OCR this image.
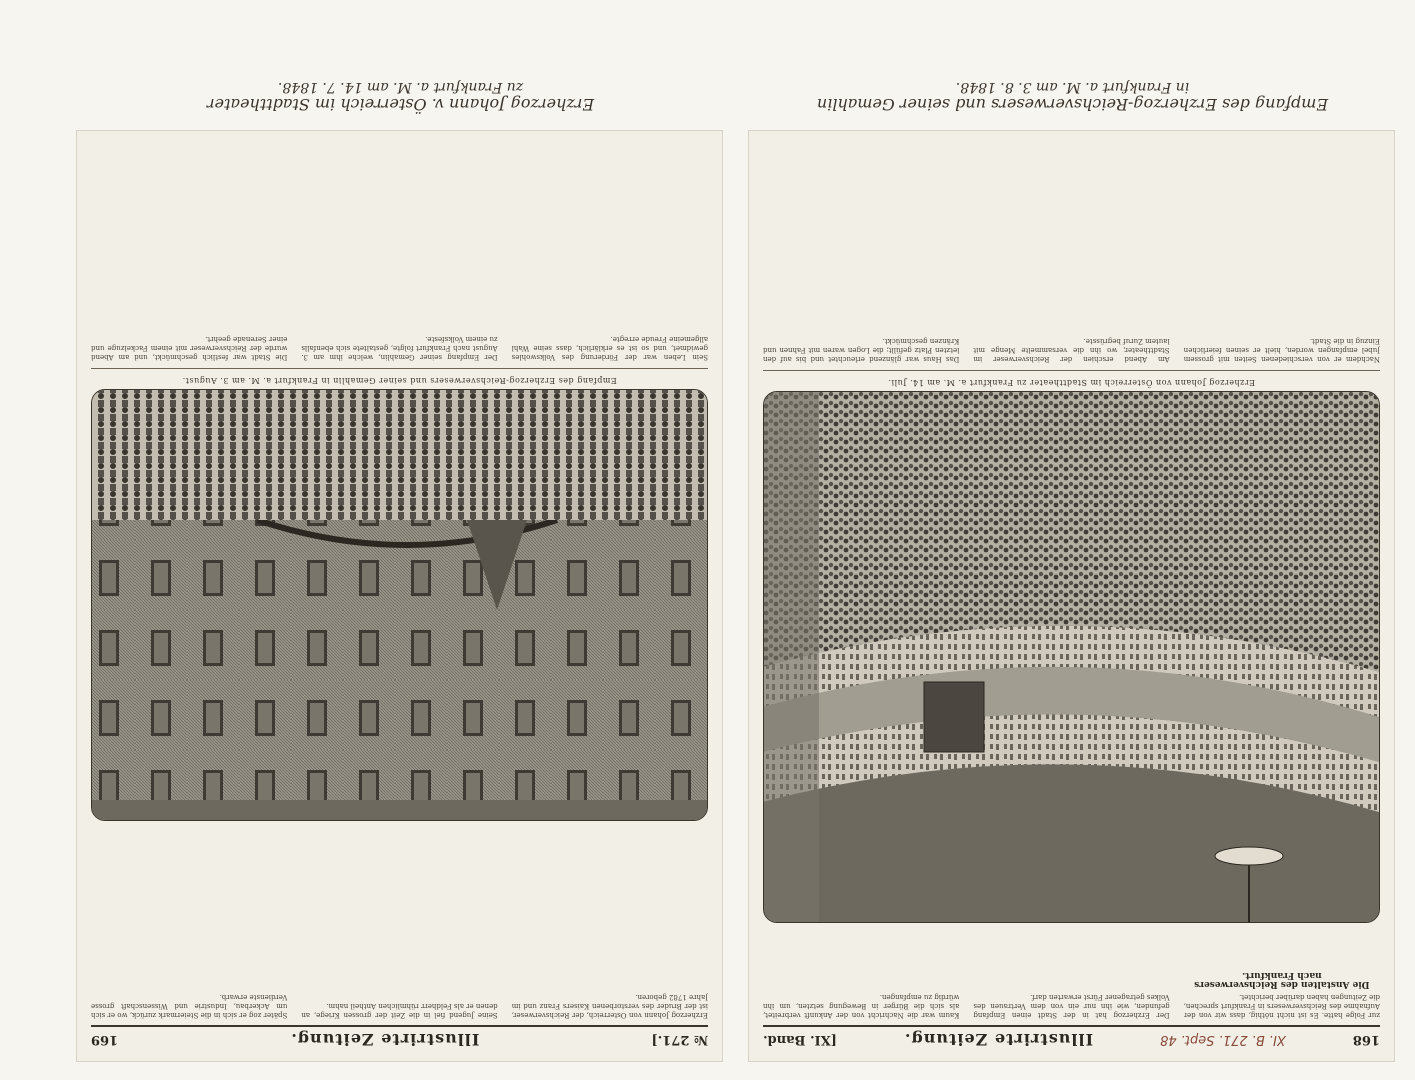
168
XI. B. 271. Sept. 48
Illustrirte Zeitung.
[XI. Band.

zur Folge hatte. Es ist nicht nöthig, dass wir von der Aufnahme des Reichsverwesers in Frankfurt sprechen, die Zeitungen haben darüber berichtet.

Die Anstalten des Reichsverwesers nach Frankfurt.

Der Erzherzog hat in der Stadt einen Empfang gefunden, wie ihn nur ein von dem Vertrauen des Volkes getragener Fürst erwarten darf.

Kaum war die Nachricht von der Ankunft verbreitet, als sich die Bürger in Bewegung setzten, um ihn würdig zu empfangen.

Erzherzog Johann von Österreich im Stadttheater zu Frankfurt a. M. am 14. Juli.

Nachdem er von verschiedenen Seiten mit grossem Jubel empfangen worden, hielt er seinen feierlichen Einzug in die Stadt.

Am Abend erschien der Reichsverweser im Stadttheater, wo ihn die versammelte Menge mit lautem Zuruf begrüsste.

Das Haus war glänzend erleuchtet und bis auf den letzten Platz gefüllt; die Logen waren mit Fahnen und Kränzen geschmückt.

№ 271.]
Illustrirte Zeitung.
169

Erzherzog Johann von Österreich, der Reichsverweser, ist der Bruder des verstorbenen Kaisers Franz und im Jahre 1782 geboren.

Seine Jugend fiel in die Zeit der grossen Kriege, an denen er als Feldherr rühmlichen Antheil nahm.

Später zog er sich in die Steiermark zurück, wo er sich um Ackerbau, Industrie und Wissenschaft grosse Verdienste erwarb.

Empfang des Erzherzog-Reichsverwesers und seiner Gemahlin in Frankfurt a. M. am 3. August.

Sein Leben war der Förderung des Volkswohles gewidmet, und so ist es erklärlich, dass seine Wahl allgemeine Freude erregte.

Der Empfang seiner Gemahlin, welche ihm am 3. August nach Frankfurt folgte, gestaltete sich ebenfalls zu einem Volksfeste.

Die Stadt war festlich geschmückt, und am Abend wurde der Reichsverweser mit einem Fackelzuge und einer Serenade geehrt.

Erzherzog Johann v. Österreich im Stadttheater
zu Frankfurt a. M. am 14. 7. 1848.
Empfang des Erzherzog-Reichsverwesers und seiner Gemahlin
in Frankfurt a. M. am 3. 8. 1848.
